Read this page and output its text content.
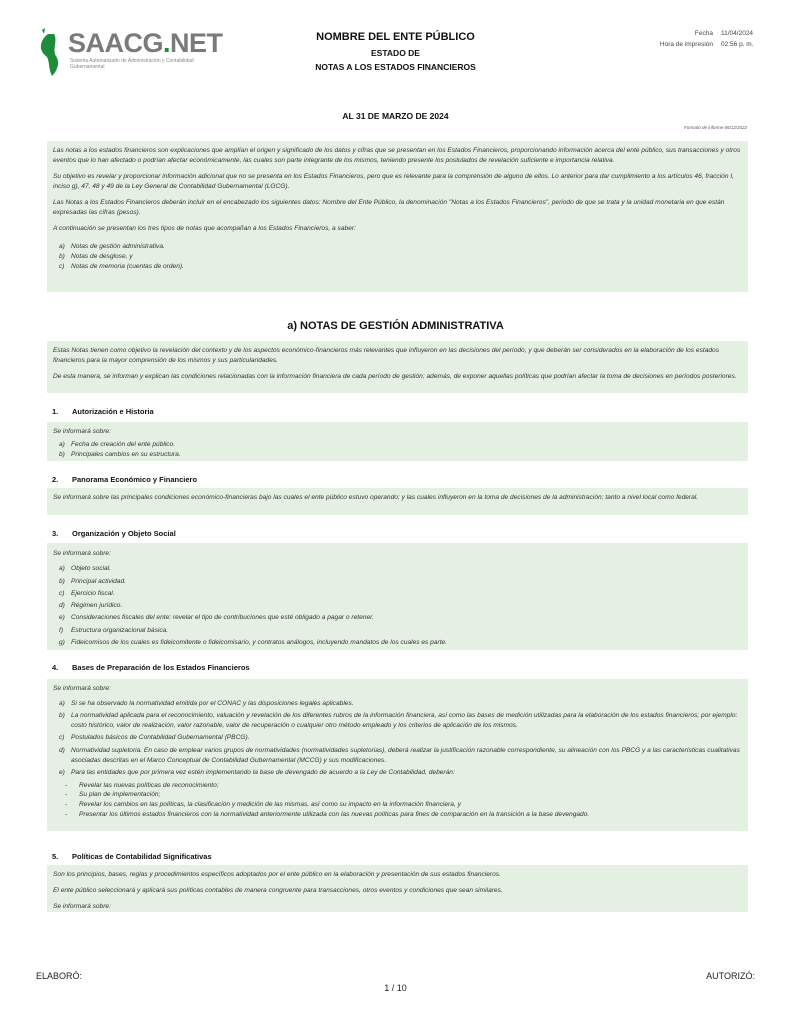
SAACG.NET
Sistema Automatizado de Administración y Contabilidad Gubernamental
NOMBRE DEL ENTE PÚBLICO
ESTADO DE
NOTAS A LOS ESTADOS FINANCIEROS
Fecha 11/04/2024
Hora de impresión 02:56 p. m.
AL 31 DE MARZO DE 2024
Formato de informe 06/12/2022

Las notas a los estados financieros son explicaciones que amplían el origen y significado de los datos y cifras que se presentan en los Estados Financieros, proporcionando información acerca del ente público, sus transacciones y otros eventos que lo han afectado o podrían afectar económicamente, las cuales son parte integrante de los mismos, teniendo presente los postulados de revelación suficiente e importancia relativa.

Su objetivo es revelar y proporcionar información adicional que no se presenta en los Estados Financieros, pero que es relevante para la comprensión de alguno de ellos. Lo anterior para dar cumplimiento a los artículos 46, fracción I, inciso g), 47, 48 y 49 de la Ley General de Contabilidad Gubernamental (LGCG).

Las Notas a los Estados Financieros deberán incluir en el encabezado los siguientes datos: Nombre del Ente Público, la denominación "Notas a los Estados Financieros", periodo de que se trata y la unidad monetaria en que están expresadas las cifras (pesos).

A continuación se presentan los tres tipos de notas que acompañan a los Estados Financieros, a saber:

a) Notas de gestión administrativa.
b) Notas de desglose, y
c) Notas de memoria (cuentas de orden).
a) NOTAS DE GESTIÓN ADMINISTRATIVA

Estas Notas tienen como objetivo la revelación del contexto y de los aspectos económico-financieros más relevantes que influyeron en las decisiones del período, y que deberán ser considerados en la elaboración de los estados financieros para la mayor comprensión de los mismos y sus particularidades.

De esta manera, se informan y explican las condiciones relacionadas con la información financiera de cada período de gestión; además, de exponer aquellas políticas que podrían afectar la toma de decisiones en períodos posteriores.

1. Autorización e Historia

Se informará sobre:

a) Fecha de creación del ente público.
b) Principales cambios en su estructura.
2. Panorama Económico y Financiero

Se informará sobre las principales condiciones económico-financieras bajo las cuales el ente público estuvo operando; y las cuales influyeron en la toma de decisiones de la administración; tanto a nivel local como federal.

3. Organización y Objeto Social

Se informará sobre:

a) Objeto social.
b) Principal actividad.
c) Ejercicio fiscal.
d) Régimen jurídico.
e) Consideraciones fiscales del ente: revelar el tipo de contribuciones que esté obligado a pagar o retener.
f)	Estructura organizacional básica.
g) Fideicomisos de los cuales es fideicomitente o fideicomisario, y contratos análogos, incluyendo mandatos de los cuales es parte.
4. Bases de Preparación de los Estados Financieros

Se informará sobre:

a) Si se ha observado la normatividad emitida por el CONAC y las disposiciones legales aplicables.
b) La normatividad aplicada para el reconocimiento, valuación y revelación de los diferentes rubros de la información financiera, así como las bases de medición utilizadas para la elaboración de los estados financieros; por ejemplo: costo histórico, valor de realización, valor razonable, valor de recuperación o cualquier otro método empleado y los criterios de aplicación de los mismos.
c) Postulados básicos de Contabilidad Gubernamental (PBCG).
d) Normatividad supletoria. En caso de emplear varios grupos de normatividades (normatividades supletorias), deberá realizar la justificación razonable correspondiente, su alineación con los PBCG y a las características cualitativas asociadas descritas en el Marco Conceptual de Contabilidad Gubernamental (MCCG) y sus modificaciones.
e) Para las entidades que por primera vez estén implementando la base de devengado de acuerdo a la Ley de Contabilidad, deberán:
-	Revelar las nuevas políticas de reconocimiento;
-	Su plan de implementación;
-	Revelar los cambios en las políticas, la clasificación y medición de las mismas, así como su impacto en la información financiera, y
-	Presentar los últimos estados financieros con la normatividad anteriormente utilizada con las nuevas políticas para fines de comparación en la transición a la base devengado.
5. Políticas de Contabilidad Significativas

Son los principios, bases, reglas y procedimientos específicos adoptados por el ente público en la elaboración y presentación de sus estados financieros.

El ente público seleccionará y aplicará sus políticas contables de manera congruente para transacciones, otros eventos y condiciones que sean similares.

Se informará sobre:

ELABORÓ:	AUTORIZÓ:
1 / 10
